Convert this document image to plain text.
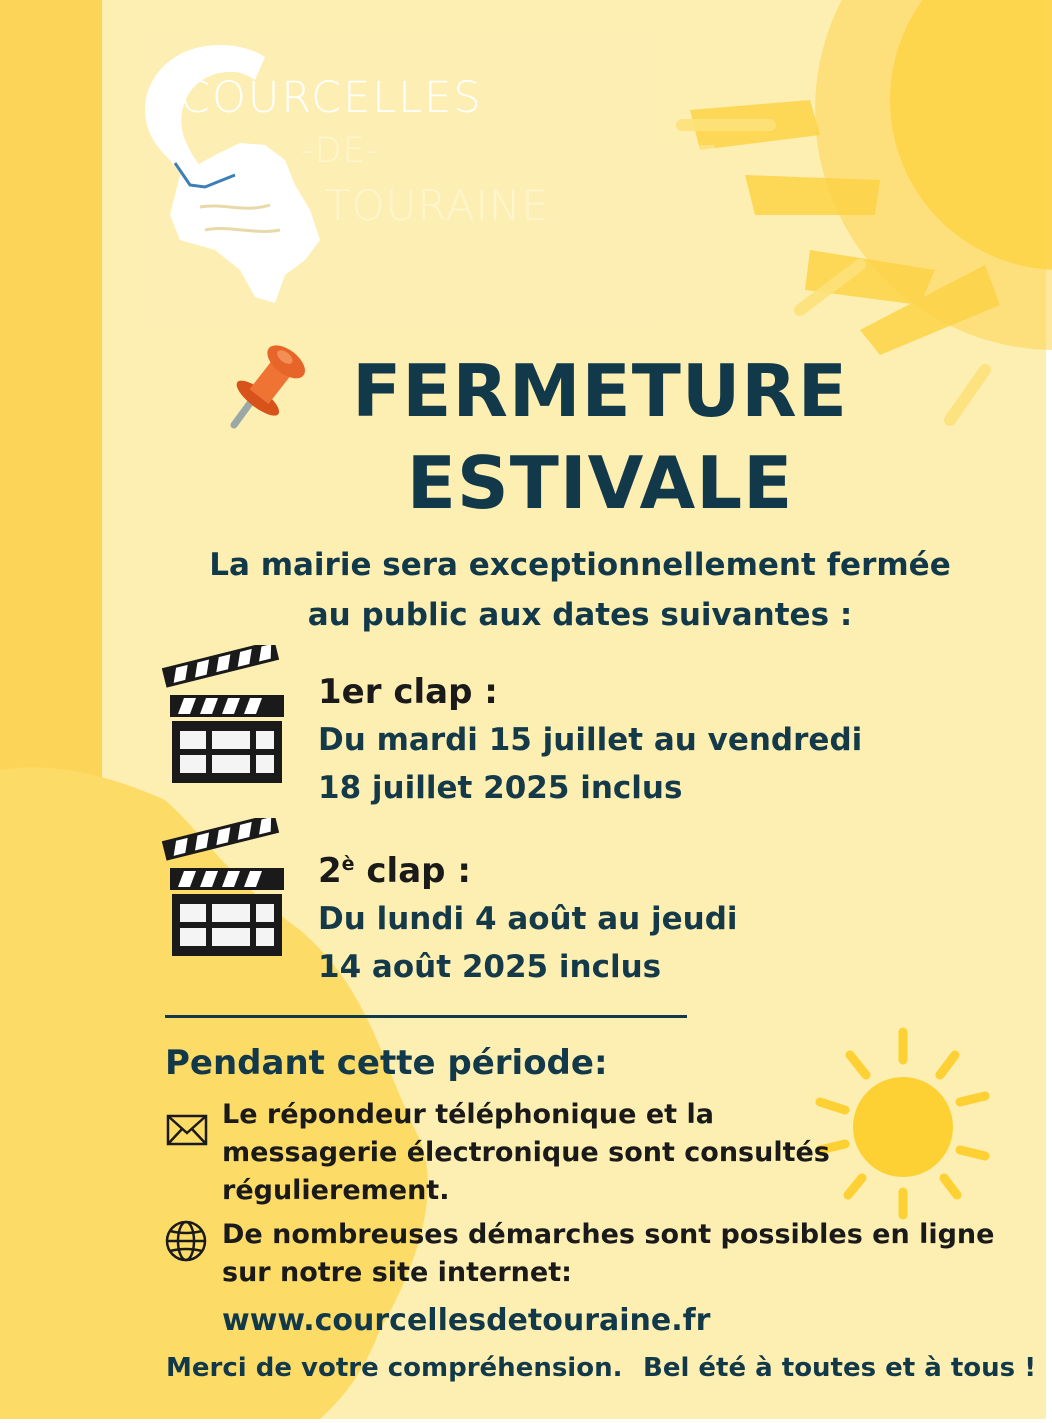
COURCELLES
-DE-
TOURAINE
FERMETURE
ESTIVALE
La mairie sera exceptionnellement fermée
au public aux dates suivantes :
1er clap :
Du mardi 15 juillet au vendredi
18 juillet 2025 inclus
$2^è$ clap :
Du lundi 4 août au jeudi
14 août 2025 inclus
Pendant cette période:
Le répondeur téléphonique et la
messagerie électronique sont consultés
régulierement.
De nombreuses démarches sont possibles en ligne
sur notre site internet:
www.courcellesdetouraine.fr
Merci de votre compréhension. Bel été à toutes et à tous !
